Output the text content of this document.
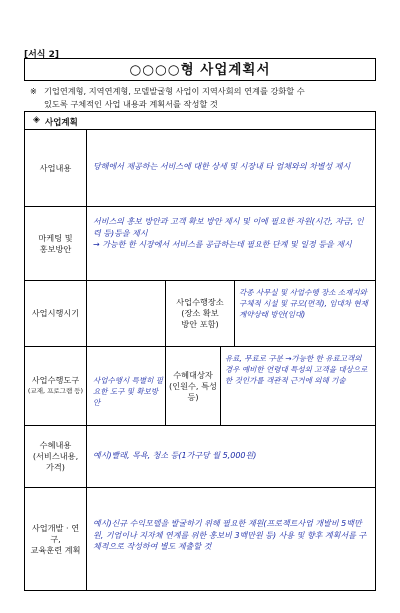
[서식 2]
○○○○형 사업계획서
※ 기업연계형, 지역연계형, 모델발굴형 사업이 지역사회의 연계를 강화할 수
있도록 구체적인 사업 내용과 계획서를 작성할 것
◈ 사업계획
사업내용	당해에서 제공하는 서비스에 대한 상세 및 시장내 타 업체와의 차별성 제시
마케팅 및
홍보방안
서비스의 홍보 방안과 고객 확보 방안 제시 및 이에 필요한 자원(시간, 자금, 인력 등)등을 제시
→ 가능한 한 시장에서 서비스를 공급하는데 필요한 단계 및 일정 등을 제시
사업시행시기
사업수행장소
(장소 확보
방안 포함)
각종 사무실 및 사업수행 장소 소재지와 구체적 시설 및 규모(면적), 임대차 현재 계약상태 방안(임대)
사업수행도구
(교재, 프로그램 등)
사업수행시 특별히 필요한 도구 및 확보방안
수혜대상자
(인원수, 특성
등)
유료, 무료로 구분 →가능한 한 유료고객의 경우 예비한 연령대 특성의 고객을 대상으로 한 것인가를 객관적 근거에 의해 기술
수혜내용
(서비스내용,
가격)
예시)빨래, 목욕, 청소 등(1가구당 월 5,000원)
사업개발 · 연구,
교육훈련 계획
예시)신규 수익모델을 발굴하기 위해 필요한 재원(프로젝트사업 개발비 5백만원, 기업이나 지자체 연계를 위한 홍보비 3백만원 등) 사용 및 향후 계획서를 구체적으로 작성하여 별도 제출할 것
